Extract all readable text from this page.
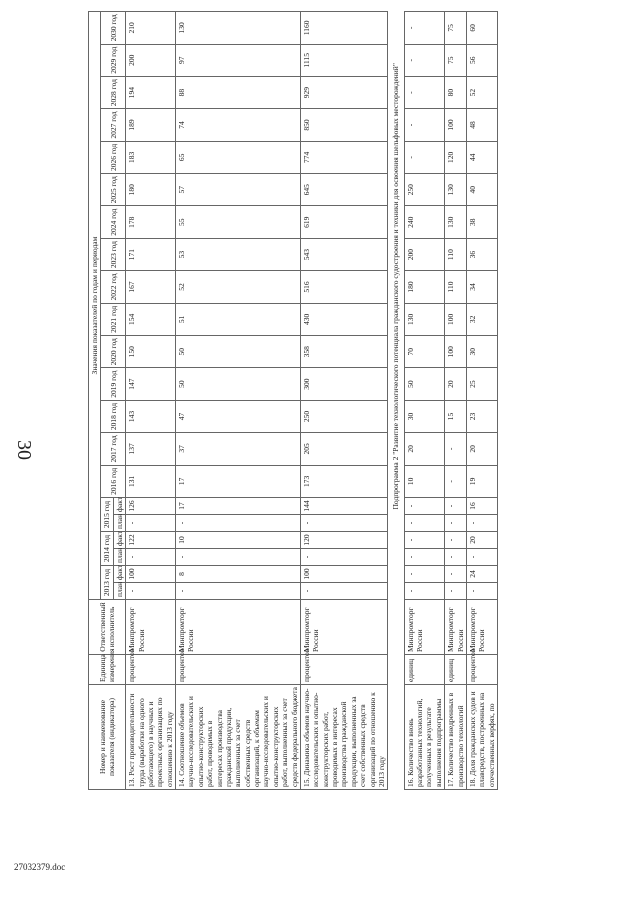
30
27032379.doc
Номер и наименование показателя (индикатора)	Единица измерения	Ответственный исполнитель	Значения показателей по годам и периодам																				
			2013 год		2014 год		2015 год		2016 год	2017 год	2018 год	2019 год	2020 год	2021 год	2022 год	2023 год	2024 год	2025 год	2026 год	2027 год	2028 год	2029 год	2030 год
			план	факт	план	факт	план	факт															
13. Рост производительности труда (выработки на одного работающего) в научных и проектных организациях по отношению к 2013 году	процентов	Минпромторг России	-	100	-	122	-	126	131	137	143	147	150	154	167	171	178	180	183	189	194	200	210
14. Соотношение объемов научно-исследовательских и опытно-конструкторских работ, проводимых в интересах производства гражданской продукции, выполненных за счет собственных средств организаций, к объемам научно-исследовательских и опытно-конструкторских работ, выполненных за счет средств федерального бюджета	процентов	Минпромторг России	-	8	-	10	-	17	17	37	47	50	50	51	52	53	55	57	65	74	88	97	130
15. Динамика объемов научно-исследовательских и опытно-конструкторских работ, проводимых в интересах производства гражданской продукции, выполненных за счет собственных средств организаций по отношению к 2013 году	процентов	Минпромторг России	-	100	-	120	-	144	173	205	250	300	358	430	516	543	619	645	774	850	929	1115	1160
Подпрограмма 2 "Развитие технологического потенциала гражданского судостроения и техники для освоения шельфовых месторождений"																							
16. Количество вновь разработанных технологий, полученных в результате выполнения подпрограммы	единиц	Минпромторг России	-	-	-	-	-	-	10	20	30	50	70	130	180	200	240	250	-	-	-	-	-
17. Количество внедренных в производство технологий	единиц	Минпромторг России	-	-	-	-	-	-	-	-	15	20	100	100	110	110	130	130	120	100	80	75	75
18. Доля гражданских судов и плавсредств, построенных на отечественных верфях, по	процентов	Минпромторг России	-	24	-	20	-	16	19	20	23	25	30	32	34	36	38	40	44	48	52	56	60
